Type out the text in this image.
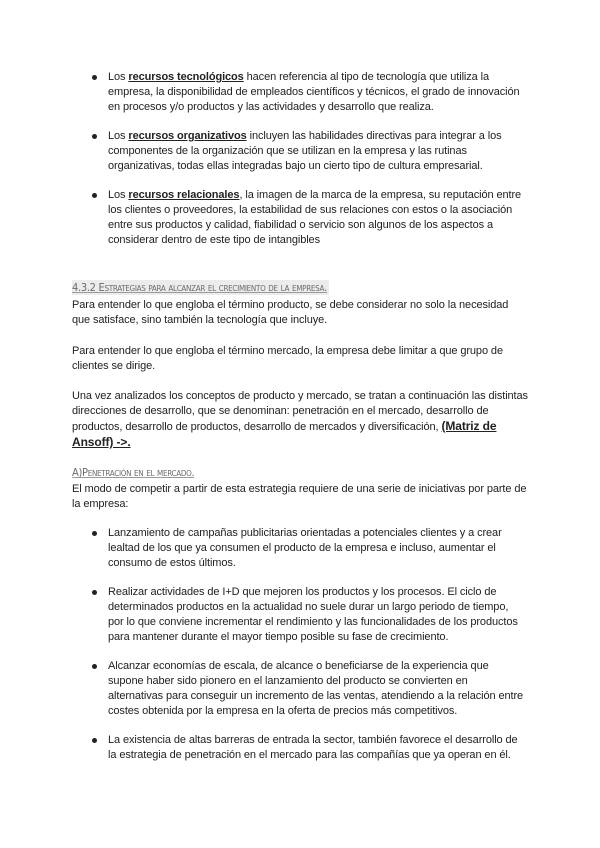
Los recursos tecnológicos hacen referencia al tipo de tecnología que utiliza la empresa, la disponibilidad de empleados científicos y técnicos, el grado de innovación en procesos y/o productos y las actividades y desarrollo que realiza.
Los recursos organizativos incluyen las habilidades directivas para integrar a los componentes de la organización que se utilizan en la empresa y las rutinas organizativas, todas ellas integradas bajo un cierto tipo de cultura empresarial.
Los recursos relacionales, la imagen de la marca de la empresa, su reputación entre los clientes o proveedores, la estabilidad de sus relaciones con estos o la asociación entre sus productos y calidad, fiabilidad o servicio son algunos de los aspectos a considerar dentro de este tipo de intangibles
4.3.2 Estrategias para alcanzar el crecimiento de la empresa.

Para entender lo que engloba el término producto, se debe considerar no solo la necesidad que satisface, sino también la tecnología que incluye.

Para entender lo que engloba el término mercado, la empresa debe limitar a que grupo de clientes se dirige.

Una vez analizados los conceptos de producto y mercado, se tratan a continuación las distintas direcciones de desarrollo, que se denominan: penetración en el mercado, desarrollo de productos, desarrollo de productos, desarrollo de mercados y diversificación, (Matriz de Ansoff) ->.
A)Penetración en el mercado.

El modo de competir a partir de esta estrategia requiere de una serie de iniciativas por parte de la empresa:

Lanzamiento de campañas publicitarias orientadas a potenciales clientes y a crear lealtad de los que ya consumen el producto de la empresa e incluso, aumentar el consumo de estos últimos.
Realizar actividades de I+D que mejoren los productos y los procesos. El ciclo de determinados productos en la actualidad no suele durar un largo periodo de tiempo, por lo que conviene incrementar el rendimiento y las funcionalidades de los productos para mantener durante el mayor tiempo posible su fase de crecimiento.
Alcanzar economías de escala, de alcance o beneficiarse de la experiencia que supone haber sido pionero en el lanzamiento del producto se convierten en alternativas para conseguir un incremento de las ventas, atendiendo a la relación entre costes obtenida por la empresa en la oferta de precios más competitivos.
La existencia de altas barreras de entrada la sector, también favorece el desarrollo de la estrategia de penetración en el mercado para las compañías que ya operan en él.
